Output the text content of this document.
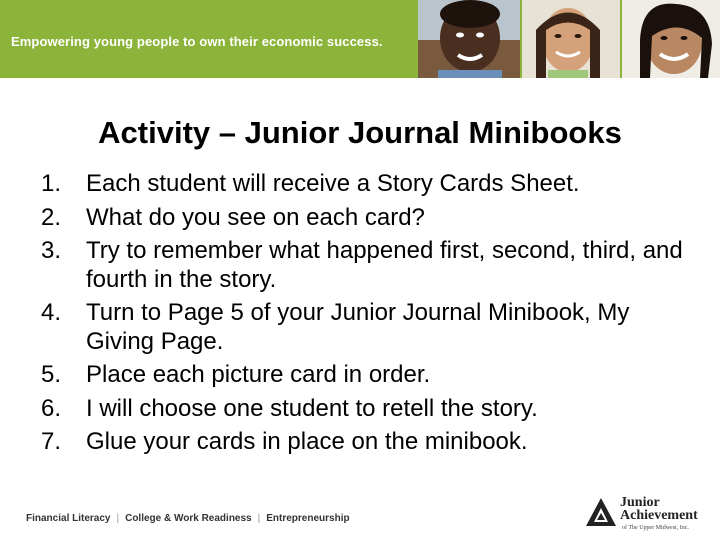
Empowering young people to own their economic success.
Activity – Junior Journal Minibooks
1.	Each student will receive a Story Cards Sheet.
2.	What do you see on each card?
3.	Try to remember what happened first, second, third, and fourth in the story.
4.	Turn to Page 5 of your Junior Journal Minibook, My Giving Page.
5.	Place each picture card in order.
6.	I will choose one student to retell the story.
7.	Glue your cards in place on the minibook.
Financial Literacy | College & Work Readiness | Entrepreneurship
Junior
Achievement
of The Upper Midwest, Inc.
